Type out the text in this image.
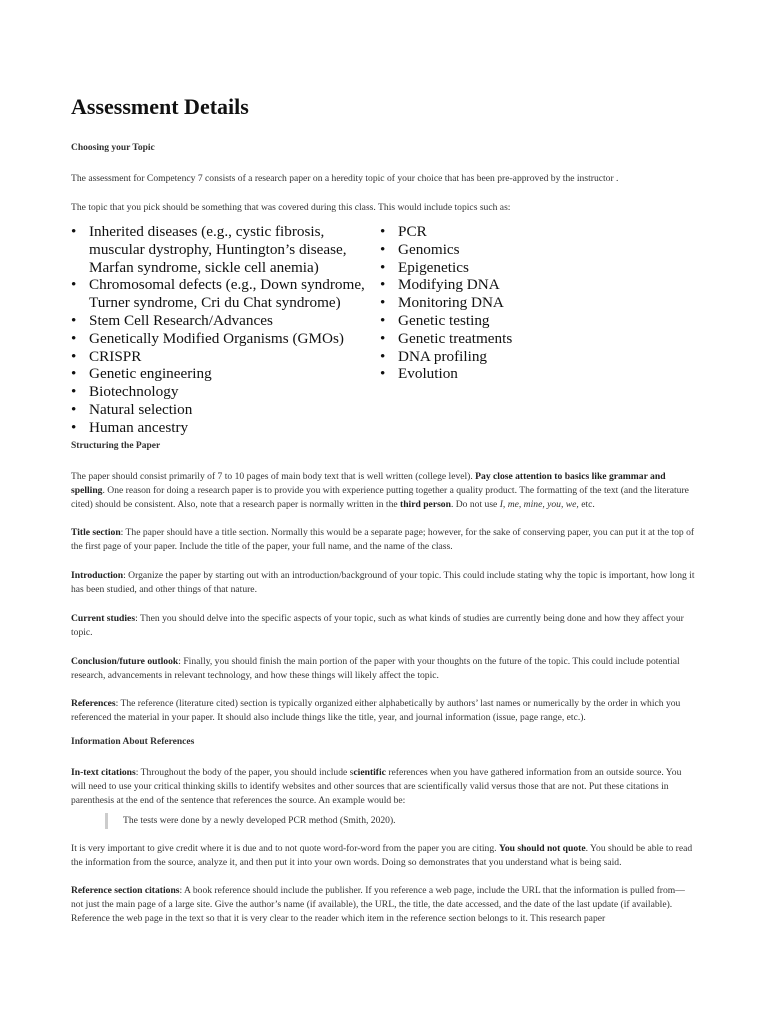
Assessment Details

Choosing your Topic

The assessment for Competency 7 consists of a research paper on a heredity topic of your choice that has been pre-approved by the instructor .

The topic that you pick should be something that was covered during this class. This would include topics such as:

• Inherited diseases (e.g., cystic fibrosis, muscular dystrophy, Huntington’s disease, Marfan syndrome, sickle cell anemia)
• Chromosomal defects (e.g., Down syndrome, Turner syndrome, Cri du Chat syndrome)
• Stem Cell Research/Advances
• Genetically Modified Organisms (GMOs)
• CRISPR
• Genetic engineering
• Biotechnology
• Natural selection
• Human ancestry
• PCR
• Genomics
• Epigenetics
• Modifying DNA
• Monitoring DNA
• Genetic testing
• Genetic treatments
• DNA profiling
• Evolution

Structuring the Paper

The paper should consist primarily of 7 to 10 pages of main body text that is well written (college level). Pay close attention to basics like grammar and spelling. One reason for doing a research paper is to provide you with experience putting together a quality product. The formatting of the text (and the literature cited) should be consistent. Also, note that a research paper is normally written in the third person. Do not use I, me, mine, you, we, etc.

Title section: The paper should have a title section. Normally this would be a separate page; however, for the sake of conserving paper, you can put it at the top of the first page of your paper. Include the title of the paper, your full name, and the name of the class.

Introduction: Organize the paper by starting out with an introduction/background of your topic. This could include stating why the topic is important, how long it has been studied, and other things of that nature.

Current studies: Then you should delve into the specific aspects of your topic, such as what kinds of studies are currently being done and how they affect your topic.

Conclusion/future outlook: Finally, you should finish the main portion of the paper with your thoughts on the future of the topic. This could include potential research, advancements in relevant technology, and how these things will likely affect the topic.

References: The reference (literature cited) section is typically organized either alphabetically by authors’ last names or numerically by the order in which you referenced the material in your paper. It should also include things like the title, year, and journal information (issue, page range, etc.).

Information About References

In-text citations: Throughout the body of the paper, you should include scientific references when you have gathered information from an outside source. You will need to use your critical thinking skills to identify websites and other sources that are scientifically valid versus those that are not. Put these citations in parenthesis at the end of the sentence that references the source. An example would be:

The tests were done by a newly developed PCR method (Smith, 2020).

It is very important to give credit where it is due and to not quote word-for-word from the paper you are citing. You should not quote. You should be able to read the information from the source, analyze it, and then put it into your own words. Doing so demonstrates that you understand what is being said.

Reference section citations: A book reference should include the publisher. If you reference a web page, include the URL that the information is pulled from—not just the main page of a large site. Give the author’s name (if available), the URL, the title, the date accessed, and the date of the last update (if available). Reference the web page in the text so that it is very clear to the reader which item in the reference section belongs to it. This research paper
